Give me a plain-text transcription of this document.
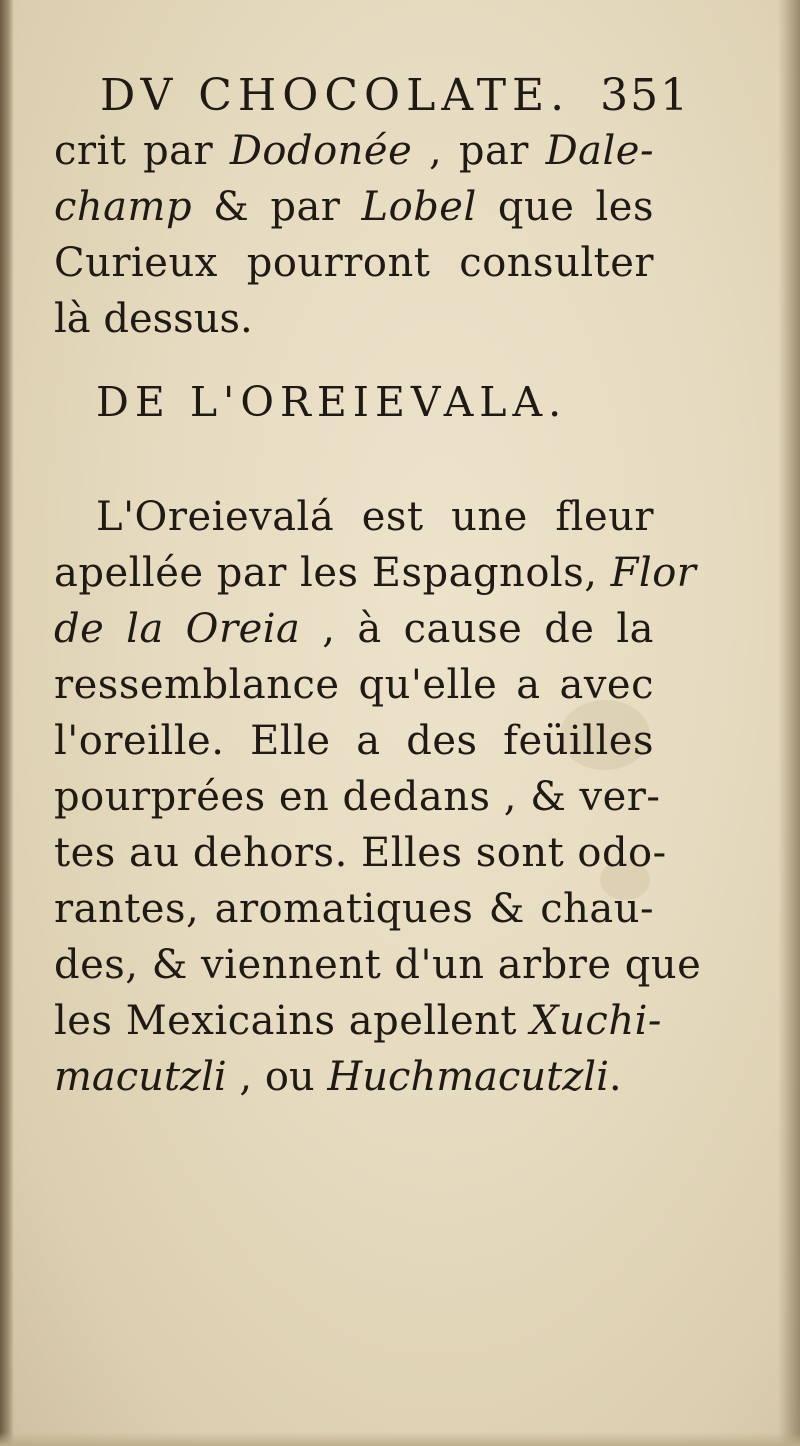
DV CHOCOLATE. 351
crit par Dodonée , par Dale-
champ & par Lobel que les
Curieux pourront consulter
là dessus.
DE L'OREIEVALA.
L'Oreievalá est une fleur
apellée par les Espagnols, Flor
de la Oreia , à cause de la
ressemblance qu'elle a avec
l'oreille. Elle a des feüilles
pourprées en dedans , & ver-
tes au dehors. Elles sont odo-
rantes, aromatiques & chau-
des, & viennent d'un arbre que
les Mexicains apellent Xuchi-
macutzli , ou Huchmacutzli.
